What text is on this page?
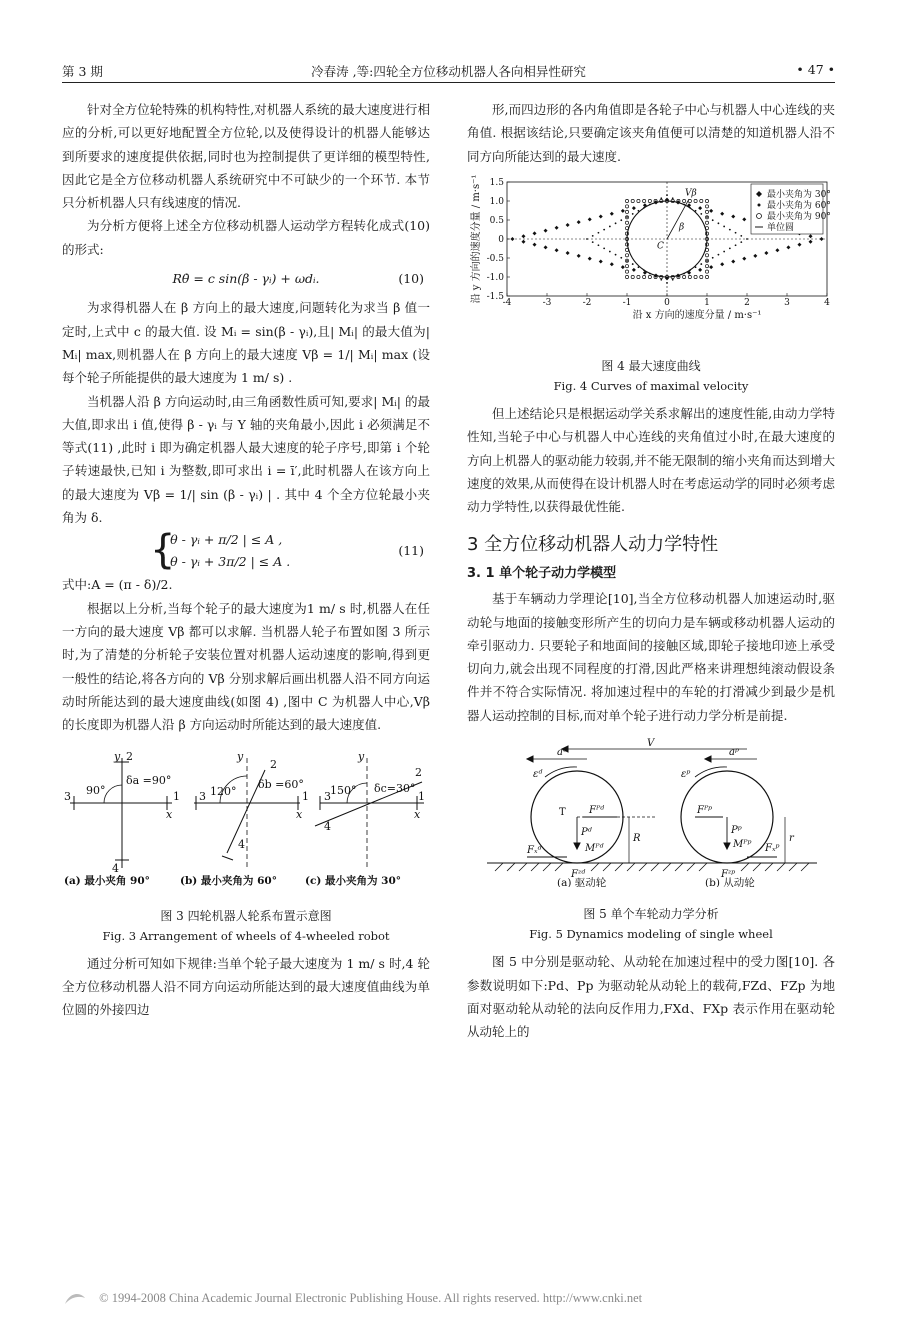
第 3 期	冷春涛 ,等:四轮全方位移动机器人各向相异性研究	• 47 •

针对全方位轮特殊的机构特性,对机器人系统的最大速度进行相应的分析,可以更好地配置全方位轮,以及使得设计的机器人能够达到所要求的速度提供依据,同时也为控制提供了更详细的模型特性,因此它是全方位移动机器人系统研究中不可缺少的一个环节. 本节只分析机器人只有线速度的情况.

为分析方便将上述全方位移动机器人运动学方程转化成式(10)的形式:

Rθ̇ = c sin(β - γᵢ) + ωdᵢ.	(10)

为求得机器人在 β 方向上的最大速度,问题转化为求当 β 值一定时,上式中 c 的最大值. 设 Mᵢ = sin(β - γᵢ),且| Mᵢ| 的最大值为| Mᵢ| max,则机器人在 β 方向上的最大速度 Vβ = 1/| Mᵢ| max (设每个轮子所能提供的最大速度为 1 m/ s) .

当机器人沿 β 方向运动时,由三角函数性质可知,要求| Mᵢ| 的最大值,即求出 i 值,使得 β - γᵢ 与 Y 轴的夹角最小,因此 i 必须满足不等式(11) ,此时 i 即为确定机器人最大速度的轮子序号,即第 i 个轮子转速最快,已知 i 为整数,即可求出 i = ī′,此时机器人在该方向上的最大速度为 Vβ = 1/| sin (β - γᵢ) | . 其中 4 个全方位轮最小夹角为 δ.

{
| θ - γᵢ + π/2 | ≤ A ,
| θ - γᵢ + 3π/2 | ≤ A .
(11)

式中:A = (π - δ)/2.

根据以上分析,当每个轮子的最大速度为1 m/ s 时,机器人在任一方向的最大速度 Vβ 都可以求解. 当机器人轮子布置如图 3 所示时,为了清楚的分析轮子安装位置对机器人运动速度的影响,得到更一般性的结论,将各方向的 Vβ 分别求解后画出机器人沿不同方向运动时所能达到的最大速度曲线(如图 4) ,图中 C 为机器人中心,Vβ 的长度即为机器人沿 β 方向运动时所能达到的最大速度值.

y 2
3
x
1
4
90°
δa =90°
y
2
3
x
1
4
120°
δb =60°
y
2
3
x
1
4
150° δc=30°
(a) 最小夹角 90°	(b) 最小夹角为 60°	(c) 最小夹角为 30°
图 3 四轮机器人轮系布置示意图
Fig. 3 Arrangement of wheels of 4-wheeled robot

通过分析可知如下规律:当单个轮子最大速度为 1 m/ s 时,4 轮全方位移动机器人沿不同方向运动所能达到的最大速度值曲线为单位圆的外接四边

形,而四边形的各内角值即是各轮子中心与机器人中心连线的夹角值. 根据该结论,只要确定该夹角值便可以清楚的知道机器人沿不同方向所能达到的最大速度.

-4	-3	-2	-1	0	1	2	3	4
1.5
1.0
0.5
0
-0.5
-1.0
-1.5
沿 x 方向的速度分量 / m·s⁻¹
沿 y 方向的速度分量 / m·s⁻¹	Vβ
C
β
最小夹角为 30°
最小夹角为 60°
最小夹角为 90°
单位圆
图 4 最大速度曲线
Fig. 4 Curves of maximal velocity

但上述结论只是根据运动学关系求解出的速度性能,由动力学特性知,当轮子中心与机器人中心连线的夹角值过小时,在最大速度的方向上机器人的驱动能力较弱,并不能无限制的缩小夹角而达到增大速度的效果,从而使得在设计机器人时在考虑运动学的同时必须考虑动力学特性,以获得最优性能.

3 全方位移动机器人动力学特性
3. 1 单个轮子动力学模型

基于车辆动力学理论[10],当全方位移动机器人加速运动时,驱动轮与地面的接触变形所产生的切向力是车辆或移动机器人运动的牵引驱动力. 只要轮子和地面间的接触区域,即轮子接地印迹上承受切向力,就会出现不同程度的打滑,因此严格来讲理想纯滚动假设条件并不符合实际情况. 将加速过程中的车轮的打滑减少到最少是机器人运动控制的目标,而对单个轮子进行动力学分析是前提.

V
aᵈ	aᵖ
εᵈ	εᵖ
Fᴾᵈ
Pᵈ
Mᴾᵈ
T
Fₓᵈ
Fᶻᵈ
R
Fᴾᵖ
Pᵖ
Mᴾᵖ Fₓᵖ
Fᶻᵖ
r
(a) 驱动轮	(b) 从动轮
图 5 单个车轮动力学分析
Fig. 5 Dynamics modeling of single wheel

图 5 中分别是驱动轮、从动轮在加速过程中的受力图[10]. 各参数说明如下:Pd、Pp 为驱动轮从动轮上的载荷,FZd、FZp 为地面对驱动轮从动轮的法向反作用力,FXd、FXp 表示作用在驱动轮从动轮上的

© 1994-2008 China Academic Journal Electronic Publishing House. All rights reserved. http://www.cnki.net
